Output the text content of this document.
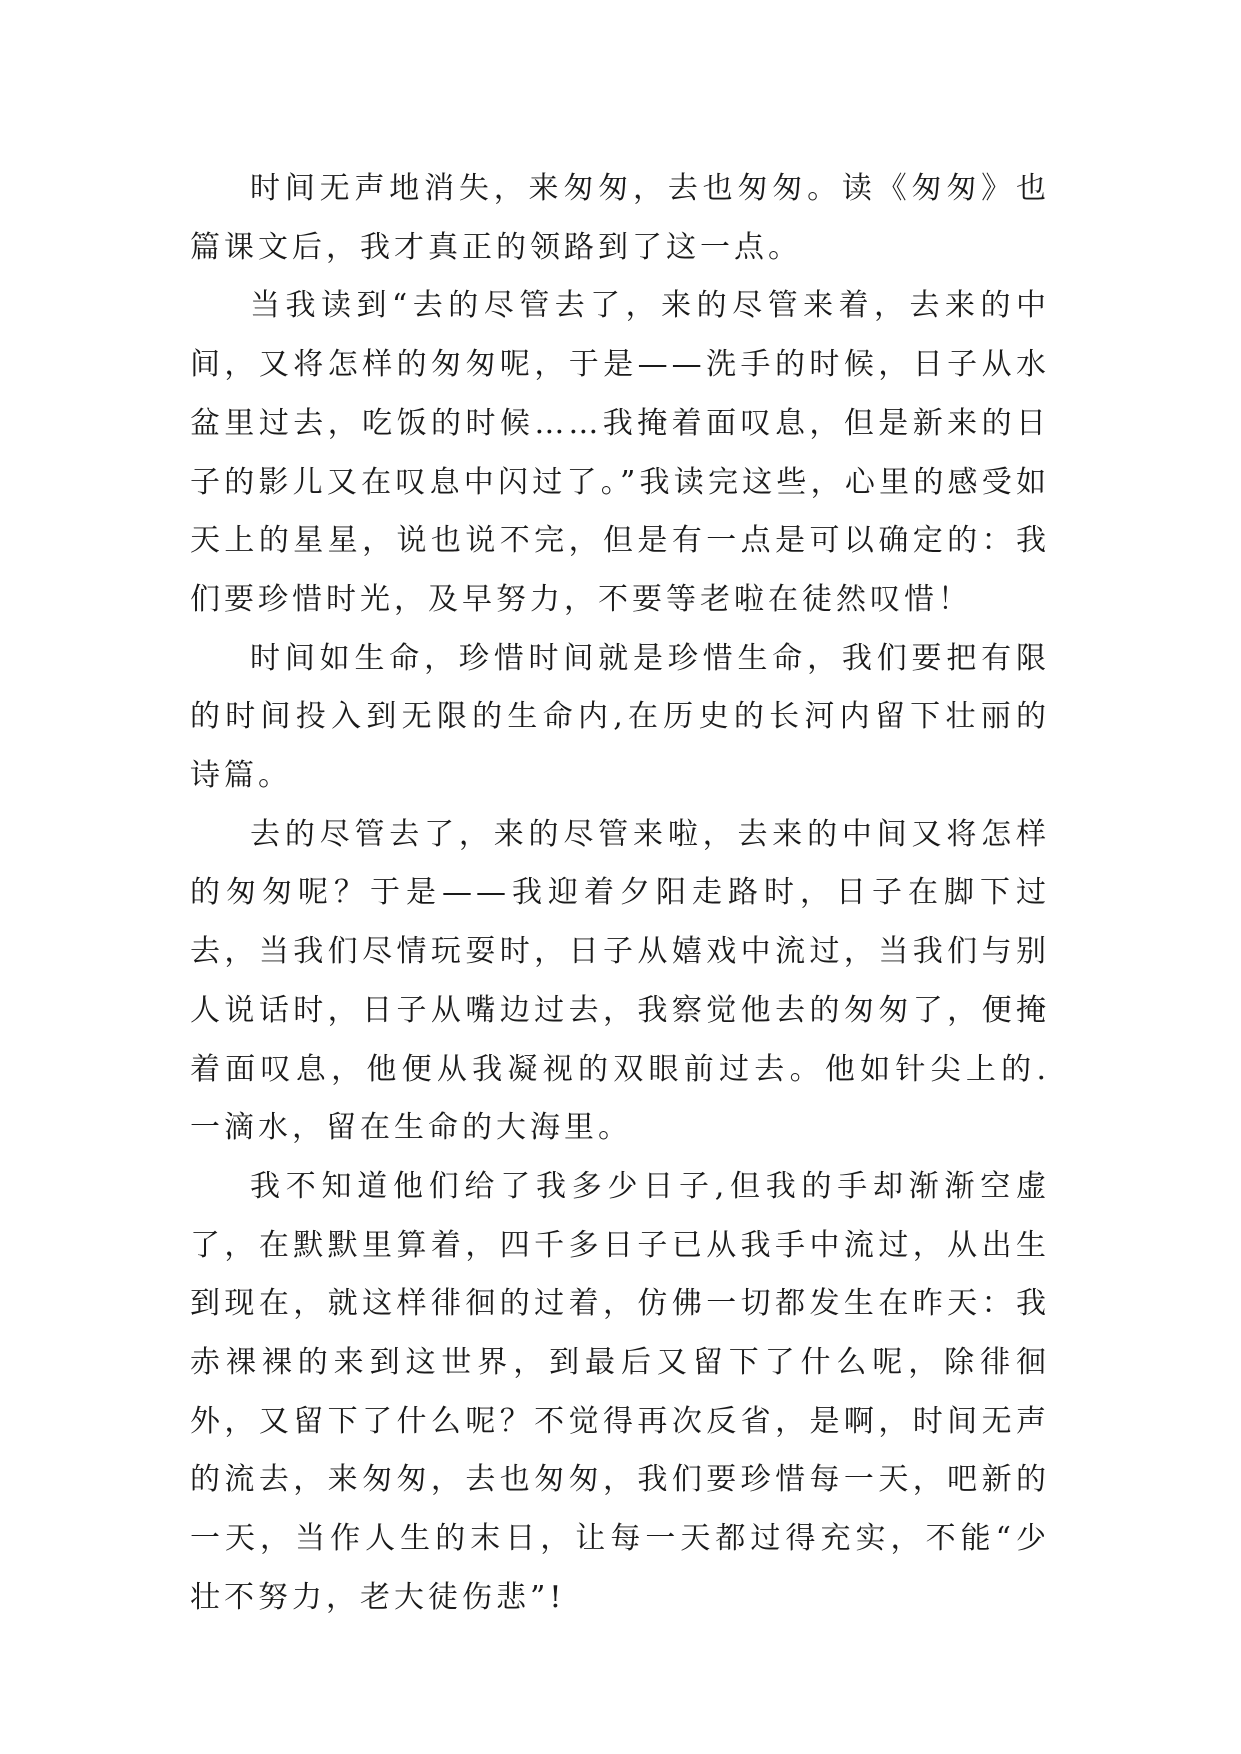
时间无声地消失，来匆匆，去也匆匆。读《匆匆》也篇课文后，我才真正的领路到了这一点。

当我读到“去的尽管去了，来的尽管来着，去来的中间，又将怎样的匆匆呢，于是——洗手的时候，日子从水盆里过去，吃饭的时候……我掩着面叹息，但是新来的日子的影儿又在叹息中闪过了。”我读完这些，心里的感受如天上的星星，说也说不完，但是有一点是可以确定的：我们要珍惜时光，及早努力，不要等老啦在徒然叹惜！

时间如生命，珍惜时间就是珍惜生命，我们要把有限的时间投入到无限的生命内,在历史的长河内留下壮丽的诗篇。

去的尽管去了，来的尽管来啦，去来的中间又将怎样的匆匆呢？于是——我迎着夕阳走路时，日子在脚下过去，当我们尽情玩耍时，日子从嬉戏中流过，当我们与别人说话时，日子从嘴边过去，我察觉他去的匆匆了，便掩着面叹息，他便从我凝视的双眼前过去。他如针尖上的.一滴水，留在生命的大海里。

我不知道他们给了我多少日子,但我的手却渐渐空虚了，在默默里算着，四千多日子已从我手中流过，从出生到现在，就这样徘徊的过着，仿佛一切都发生在昨天：我赤裸裸的来到这世界，到最后又留下了什么呢，除徘徊外，又留下了什么呢？不觉得再次反省，是啊，时间无声的流去，来匆匆，去也匆匆，我们要珍惜每一天，吧新的一天，当作人生的末日，让每一天都过得充实，不能“少壮不努力，老大徒伤悲”!
